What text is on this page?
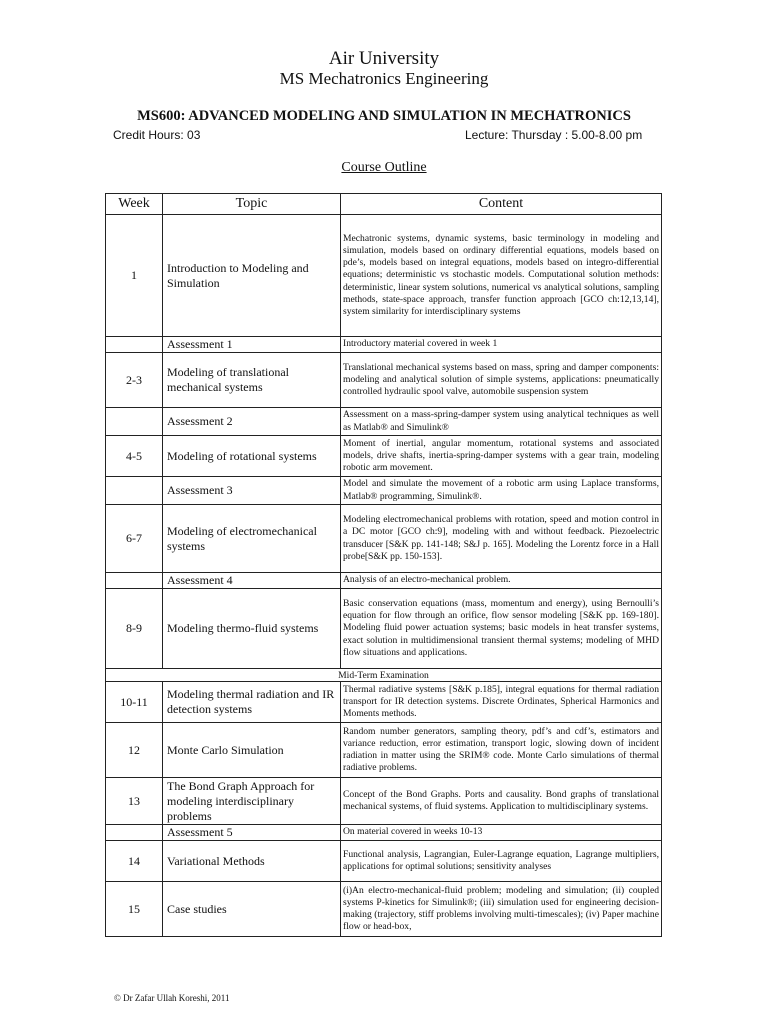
Air University
MS Mechatronics Engineering
MS600: ADVANCED MODELING AND SIMULATION IN MECHATRONICS
Credit Hours: 03	Lecture: Thursday : 5.00-8.00 pm
Course Outline
Week	Topic	Content
1	Introduction to Modeling and Simulation	Mechatronic systems, dynamic systems, basic terminology in modeling and simulation, models based on ordinary differential equations, models based on pde’s, models based on integral equations, models based on integro-differential equations; deterministic vs stochastic models. Computational solution methods: deterministic, linear system solutions, numerical vs analytical solutions, sampling methods, state-space approach, transfer function approach [GCO ch:12,13,14], system similarity for interdisciplinary systems
	Assessment 1	Introductory material covered in week 1
2-3	Modeling of translational mechanical systems	Translational mechanical systems based on mass, spring and damper components: modeling and analytical solution of simple systems, applications: pneumatically controlled hydraulic spool valve, automobile suspension system
	Assessment 2	Assessment on a mass-spring-damper system using analytical techniques as well as Matlab® and Simulink®
4-5	Modeling of rotational systems	Moment of inertial, angular momentum, rotational systems and associated models, drive shafts, inertia-spring-damper systems with a gear train, modeling robotic arm movement.
	Assessment 3	Model and simulate the movement of a robotic arm using Laplace transforms, Matlab® programming, Simulink®.
6-7	Modeling of electromechanical systems	Modeling electromechanical problems with rotation, speed and motion control in a DC motor [GCO ch:9], modeling with and without feedback. Piezoelectric transducer [S&K pp. 141-148; S&J p. 165]. Modeling the Lorentz force in a Hall probe[S&K pp. 150-153].
	Assessment 4	Analysis of an electro-mechanical problem.
8-9	Modeling thermo-fluid systems	Basic conservation equations (mass, momentum and energy), using Bernoulli’s equation for flow through an orifice, flow sensor modeling [S&K pp. 169-180]. Modeling fluid power actuation systems; basic models in heat transfer systems, exact solution in multidimensional transient thermal systems; modeling of MHD flow situations and applications.
Mid-Term Examination		
10-11	Modeling thermal radiation and IR detection systems	Thermal radiative systems [S&K p.185], integral equations for thermal radiation transport for IR detection systems. Discrete Ordinates, Spherical Harmonics and Moments methods.
12	Monte Carlo Simulation	Random number generators, sampling theory, pdf’s and cdf’s, estimators and variance reduction, error estimation, transport logic, slowing down of incident radiation in matter using the SRIM® code. Monte Carlo simulations of thermal radiative problems.
13	The Bond Graph Approach for modeling interdisciplinary problems	Concept of the Bond Graphs. Ports and causality. Bond graphs of translational mechanical systems, of fluid systems. Application to multidisciplinary systems.
	Assessment 5	On material covered in weeks 10-13
14	Variational Methods	Functional analysis, Lagrangian, Euler-Lagrange equation, Lagrange multipliers, applications for optimal solutions; sensitivity analyses
15	Case studies	(i)An electro-mechanical-fluid problem; modeling and simulation; (ii) coupled systems P-kinetics for Simulink®; (iii) simulation used for engineering decision-making (trajectory, stiff problems involving multi-timescales); (iv) Paper machine flow or head-box,
© Dr Zafar Ullah Koreshi, 2011
